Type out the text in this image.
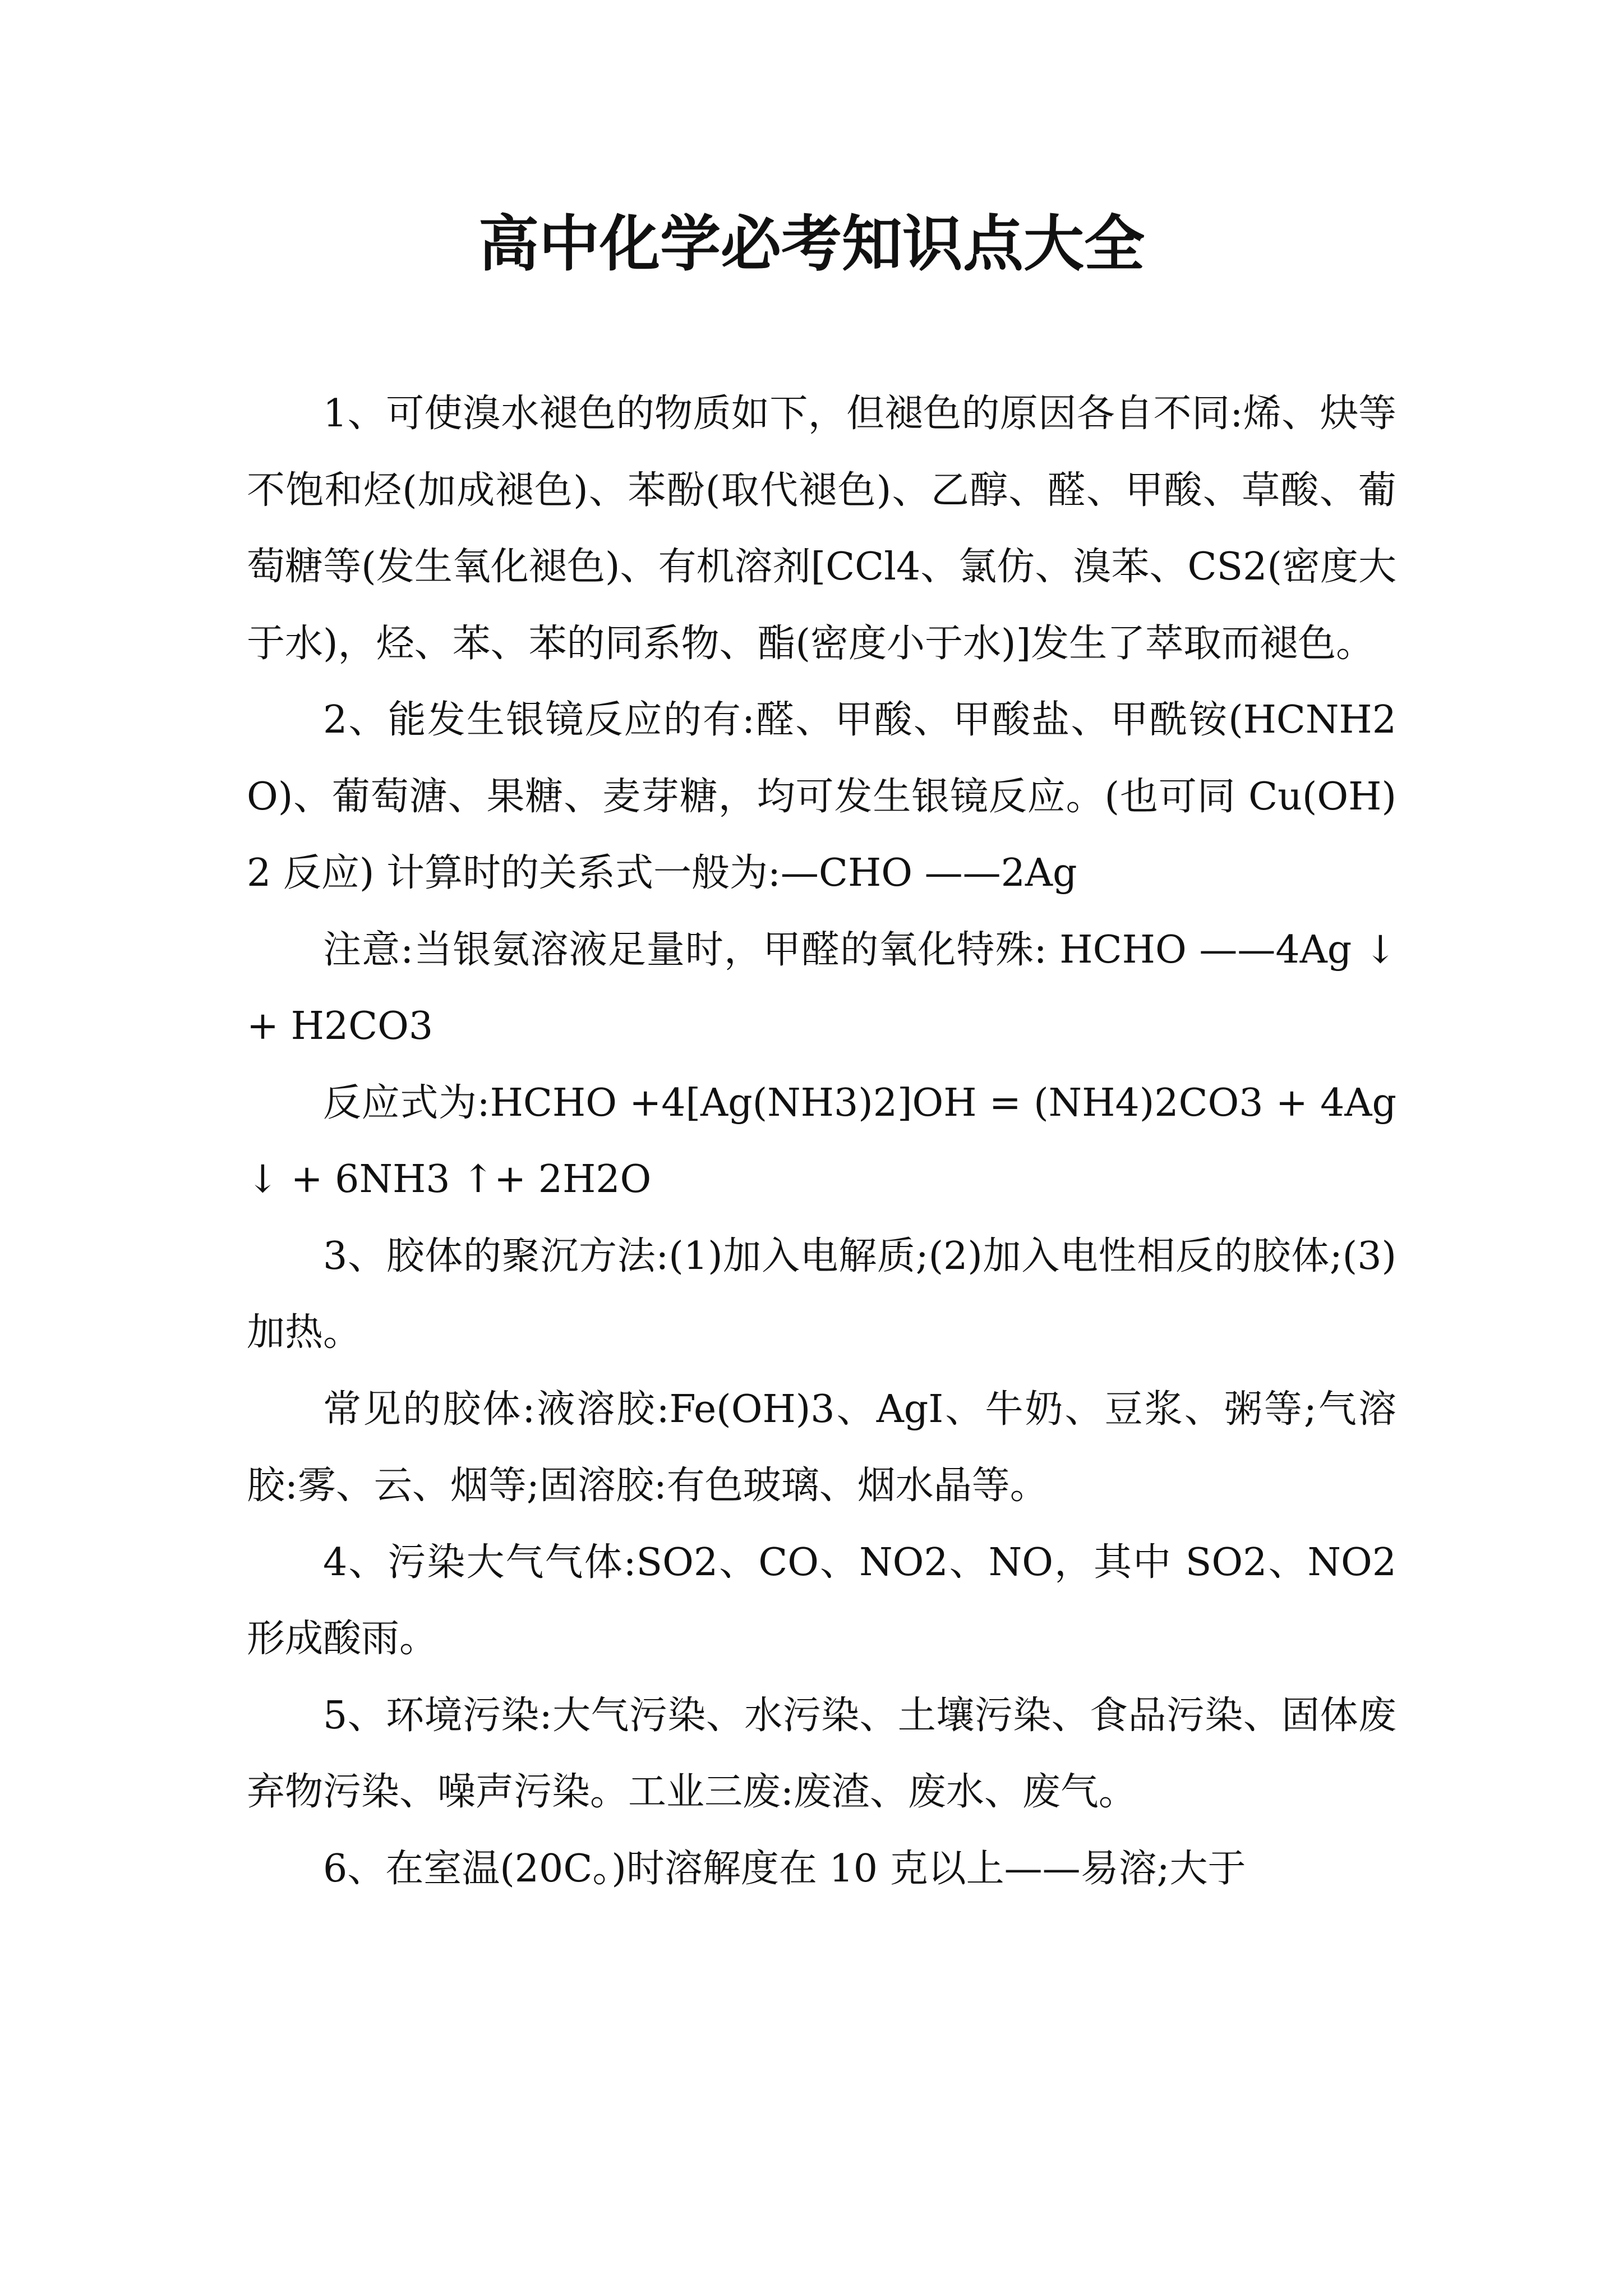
高中化学必考知识点大全

1、可使溴水褪色的物质如下，但褪色的原因各自不同:烯、炔等不饱和烃(加成褪色)、苯酚(取代褪色)、乙醇、醛、甲酸、草酸、葡萄糖等(发生氧化褪色)、有机溶剂[CCl4、氯仿、溴苯、CS2(密度大于水)，烃、苯、苯的同系物、酯(密度小于水)]发生了萃取而褪色。

2、能发生银镜反应的有:醛、甲酸、甲酸盐、甲酰铵(HCNH2O)、葡萄溏、果糖、麦芽糖，均可发生银镜反应。(也可同 Cu(OH)2 反应) 计算时的关系式一般为:—CHO ——2Ag

注意:当银氨溶液足量时，甲醛的氧化特殊: HCHO ——4Ag ↓ + H2CO3

反应式为:HCHO +4[Ag(NH3)2]OH = (NH4)2CO3 + 4Ag↓ + 6NH3 ↑+ 2H2O

3、胶体的聚沉方法:(1)加入电解质;(2)加入电性相反的胶体;(3)加热。

常见的胶体:液溶胶:Fe(OH)3、AgI、牛奶、豆浆、粥等;气溶胶:雾、云、烟等;固溶胶:有色玻璃、烟水晶等。

4、污染大气气体:SO2、CO、NO2、NO，其中 SO2、NO2 形成酸雨。

5、环境污染:大气污染、水污染、土壤污染、食品污染、固体废弃物污染、噪声污染。工业三废:废渣、废水、废气。

6、在室温(20C。)时溶解度在 10 克以上——易溶;大于
